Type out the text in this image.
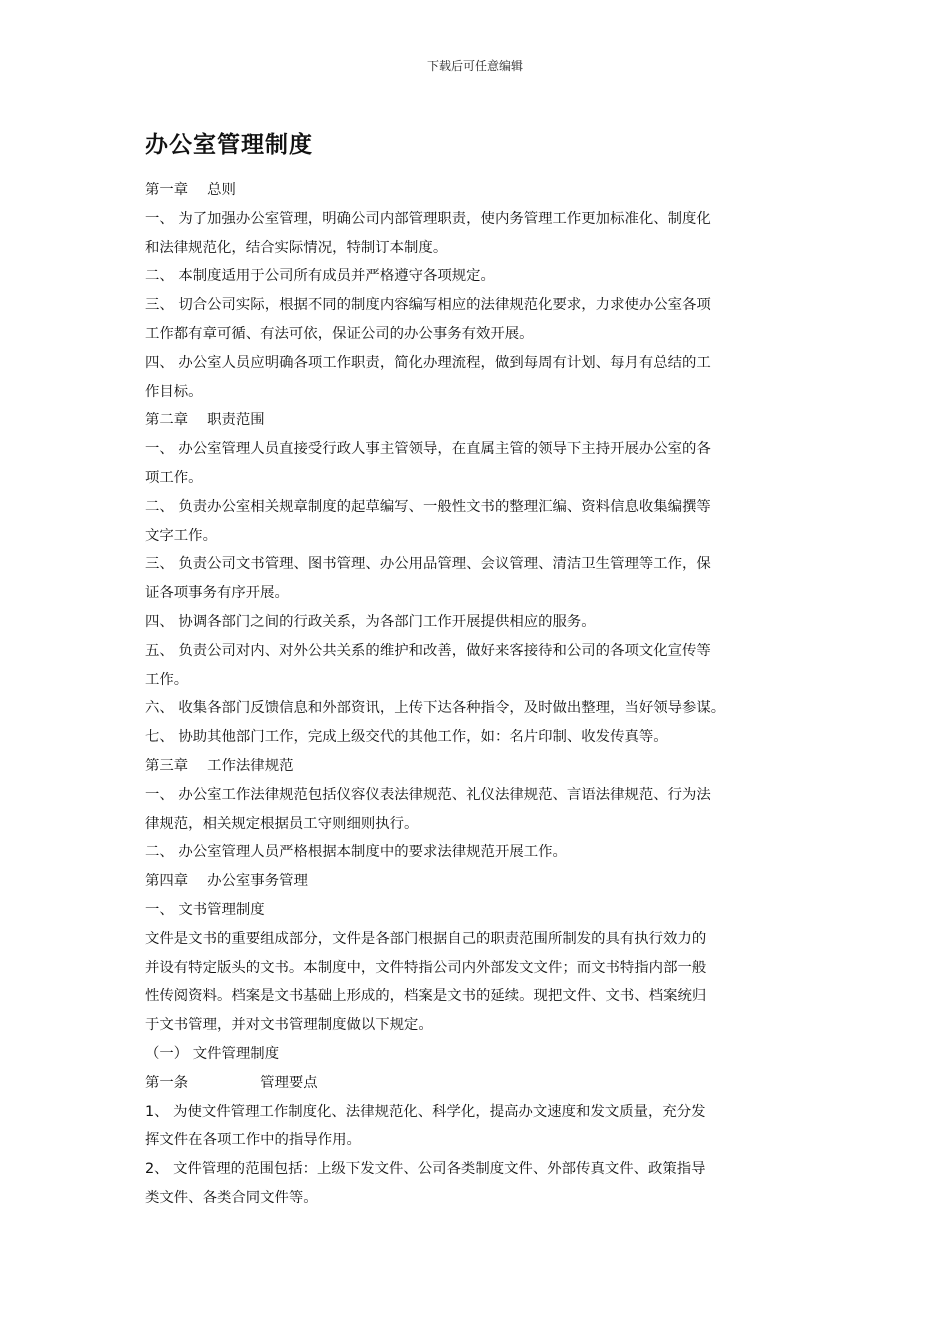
下载后可任意编辑
办公室管理制度
第一章　 总则
一、 为了加强办公室管理，明确公司内部管理职责，使内务管理工作更加标准化、制度化
和法律规范化，结合实际情况，特制订本制度。
二、 本制度适用于公司所有成员并严格遵守各项规定。
三、 切合公司实际，根据不同的制度内容编写相应的法律规范化要求，力求使办公室各项
工作都有章可循、有法可依，保证公司的办公事务有效开展。
四、 办公室人员应明确各项工作职责，简化办理流程，做到每周有计划、每月有总结的工
作目标。
第二章　 职责范围
一、 办公室管理人员直接受行政人事主管领导，在直属主管的领导下主持开展办公室的各
项工作。
二、 负责办公室相关规章制度的起草编写、一般性文书的整理汇编、资料信息收集编撰等
文字工作。
三、 负责公司文书管理、图书管理、办公用品管理、会议管理、清洁卫生管理等工作，保
证各项事务有序开展。
四、 协调各部门之间的行政关系，为各部门工作开展提供相应的服务。
五、 负责公司对内、对外公共关系的维护和改善，做好来客接待和公司的各项文化宣传等
工作。
六、 收集各部门反馈信息和外部资讯，上传下达各种指令，及时做出整理，当好领导参谋。
七、 协助其他部门工作，完成上级交代的其他工作，如：名片印制、收发传真等。
第三章　 工作法律规范
一、 办公室工作法律规范包括仪容仪表法律规范、礼仪法律规范、言语法律规范、行为法
律规范，相关规定根据员工守则细则执行。
二、 办公室管理人员严格根据本制度中的要求法律规范开展工作。
第四章　 办公室事务管理
一、 文书管理制度
文件是文书的重要组成部分，文件是各部门根据自己的职责范围所制发的具有执行效力的
并设有特定版头的文书。本制度中，文件特指公司内外部发文文件；而文书特指内部一般
性传阅资料。档案是文书基础上形成的，档案是文书的延续。现把文件、文书、档案统归
于文书管理，并对文书管理制度做以下规定。
（一） 文件管理制度
第一条　　　　　管理要点
1、 为使文件管理工作制度化、法律规范化、科学化，提高办文速度和发文质量，充分发
挥文件在各项工作中的指导作用。
2、 文件管理的范围包括：上级下发文件、公司各类制度文件、外部传真文件、政策指导
类文件、各类合同文件等。
